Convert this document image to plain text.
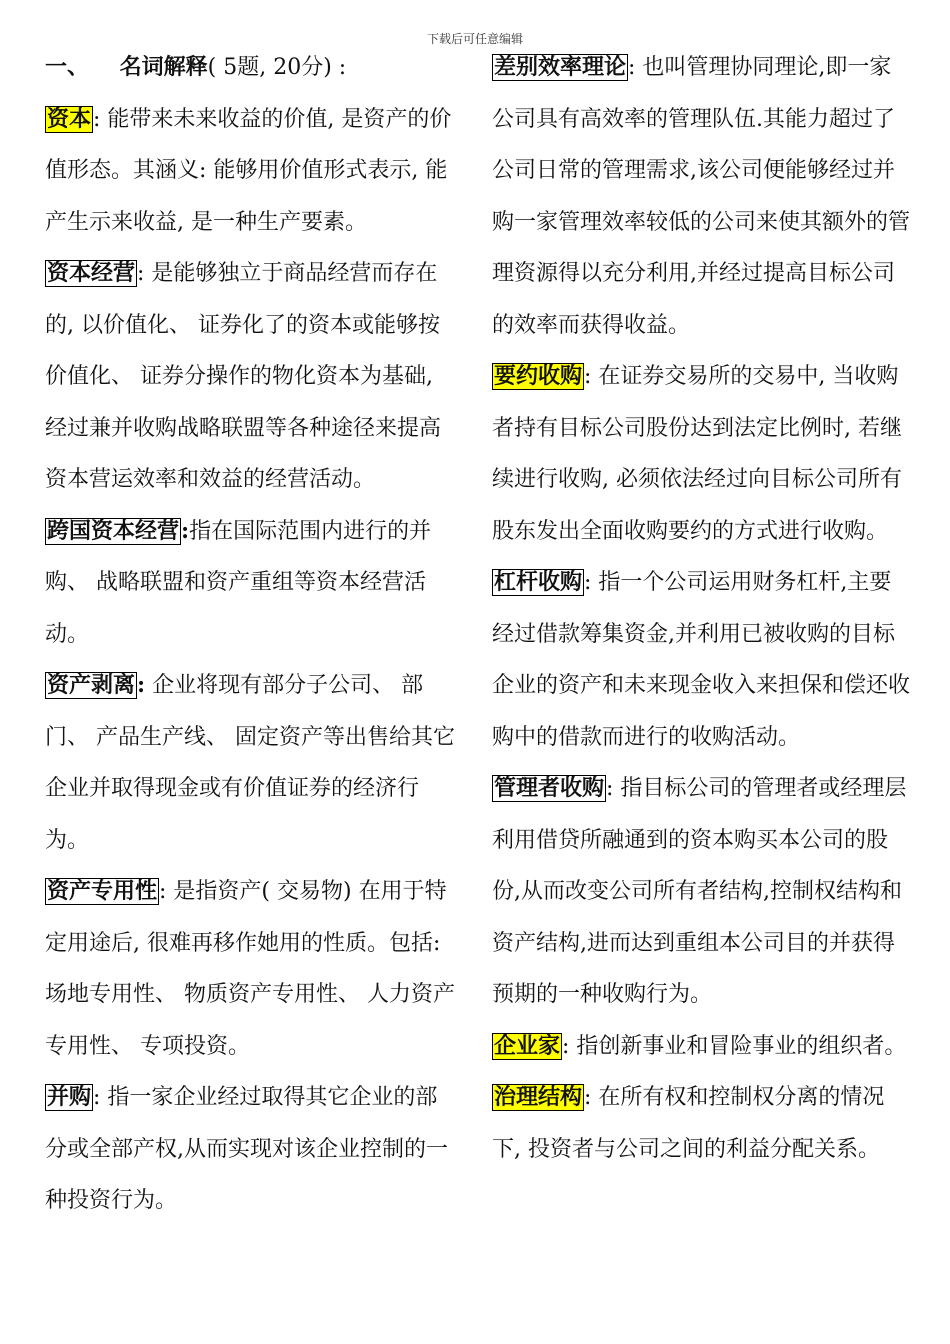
下载后可任意编辑

一、 名词解释( 5题, 20分) :

资本: 能带来未来收益的价值, 是资产的价值形态。其涵义: 能够用价值形式表示, 能产生示来收益, 是一种生产要素。

资本经营: 是能够独立于商品经营而存在的, 以价值化、 证券化了的资本或能够按价值化、 证券分操作的物化资本为基础, 经过兼并收购战略联盟等各种途径来提高资本营运效率和效益的经营活动。

跨国资本经营:指在国际范围内进行的并购、 战略联盟和资产重组等资本经营活动。

资产剥离: 企业将现有部分子公司、 部门、 产品生产线、 固定资产等出售给其它企业并取得现金或有价值证券的经济行为。

资产专用性: 是指资产( 交易物) 在用于特定用途后, 很难再移作她用的性质。包括: 场地专用性、 物质资产专用性、 人力资产专用性、 专项投资。

并购: 指一家企业经过取得其它企业的部分或全部产权,从而实现对该企业控制的一种投资行为。

差别效率理论: 也叫管理协同理论,即一家公司具有高效率的管理队伍.其能力超过了公司日常的管理需求,该公司便能够经过并购一家管理效率较低的公司来使其额外的管理资源得以充分利用,并经过提高目标公司的效率而获得收益。

要约收购: 在证券交易所的交易中, 当收购者持有目标公司股份达到法定比例时, 若继续进行收购, 必须依法经过向目标公司所有股东发出全面收购要约的方式进行收购。

杠杆收购: 指一个公司运用财务杠杆,主要经过借款筹集资金,并利用已被收购的目标企业的资产和未来现金收入来担保和偿还收购中的借款而进行的收购活动。

管理者收购: 指目标公司的管理者或经理层利用借贷所融通到的资本购买本公司的股份,从而改变公司所有者结构,控制权结构和资产结构,进而达到重组本公司目的并获得预期的一种收购行为。

企业家: 指创新事业和冒险事业的组织者。

治理结构: 在所有权和控制权分离的情况下, 投资者与公司之间的利益分配关系。
